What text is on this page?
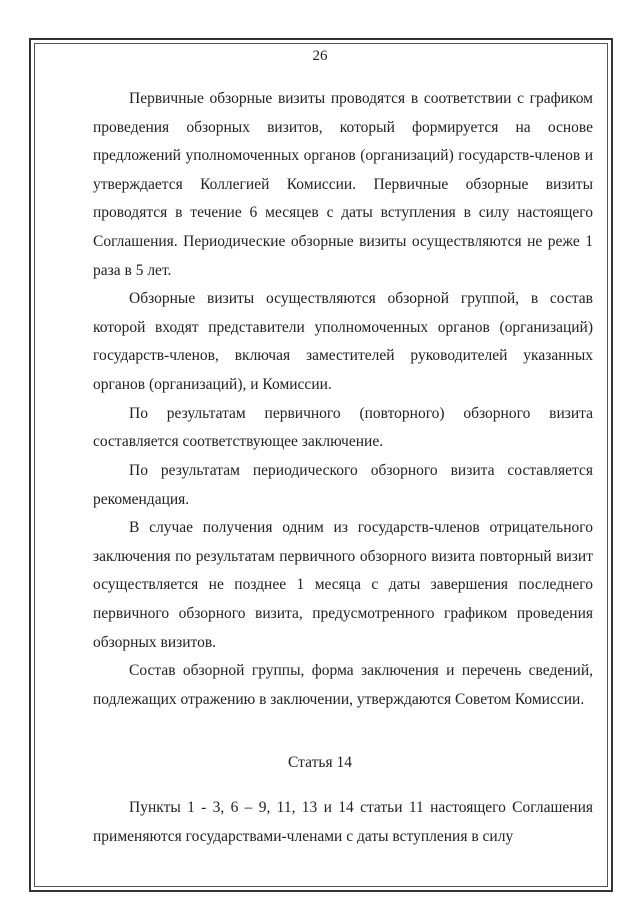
26

Первичные обзорные визиты проводятся в соответствии с графиком проведения обзорных визитов, который формируется на основе предложений уполномоченных органов (организаций) государств-членов и утверждается Коллегией Комиссии. Первичные обзорные визиты проводятся в течение 6 месяцев с даты вступления в силу настоящего Соглашения. Периодические обзорные визиты осуществляются не реже 1 раза в 5 лет.

Обзорные визиты осуществляются обзорной группой, в состав которой входят представители уполномоченных органов (организаций) государств-членов, включая заместителей руководителей указанных органов (организаций), и Комиссии.

По результатам первичного (повторного) обзорного визита составляется соответствующее заключение.

По результатам периодического обзорного визита составляется рекомендация.

В случае получения одним из государств-членов отрицательного заключения по результатам первичного обзорного визита повторный визит осуществляется не позднее 1 месяца с даты завершения последнего первичного обзорного визита, предусмотренного графиком проведения обзорных визитов.

Состав обзорной группы, форма заключения и перечень сведений, подлежащих отражению в заключении, утверждаются Советом Комиссии.

Статья 14

Пункты 1 - 3, 6 – 9, 11, 13 и 14 статьи 11 настоящего Соглашения применяются государствами-членами с даты вступления в силу
